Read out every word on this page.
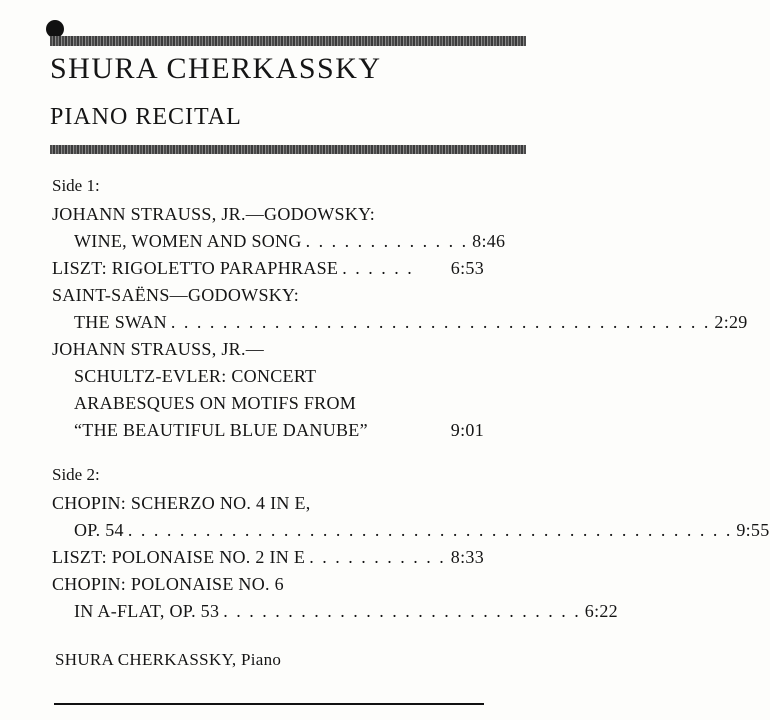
SHURA CHERKASSKY
PIANO RECITAL
Side 1:
JOHANN STRAUSS, JR.—GODOWSKY:
WINE, WOMEN AND SONG . . . . . . . . . . . . . 8:46
LISZT: RIGOLETTO PARAPHRASE . . . . . .	6:53
SAINT-SAËNS—GODOWSKY:
THE SWAN . . . . . . . . . . . . . . . . . . . . . . . . . . . . . . . . . . . . . . . . . . 2:29
JOHANN STRAUSS, JR.—
SCHULTZ-EVLER: CONCERT
ARABESQUES ON MOTIFS FROM
“THE BEAUTIFUL BLUE DANUBE”	9:01
Side 2:
CHOPIN: SCHERZO NO. 4 IN E,
OP. 54 . . . . . . . . . . . . . . . . . . . . . . . . . . . . . . . . . . . . . . . . . . . . . . . 9:55
LISZT: POLONAISE NO. 2 IN E . . . . . . . . . . . 8:33
CHOPIN: POLONAISE NO. 6
IN A-FLAT, OP. 53 . . . . . . . . . . . . . . . . . . . . . . . . . . . . 6:22
SHURA CHERKASSKY, Piano
